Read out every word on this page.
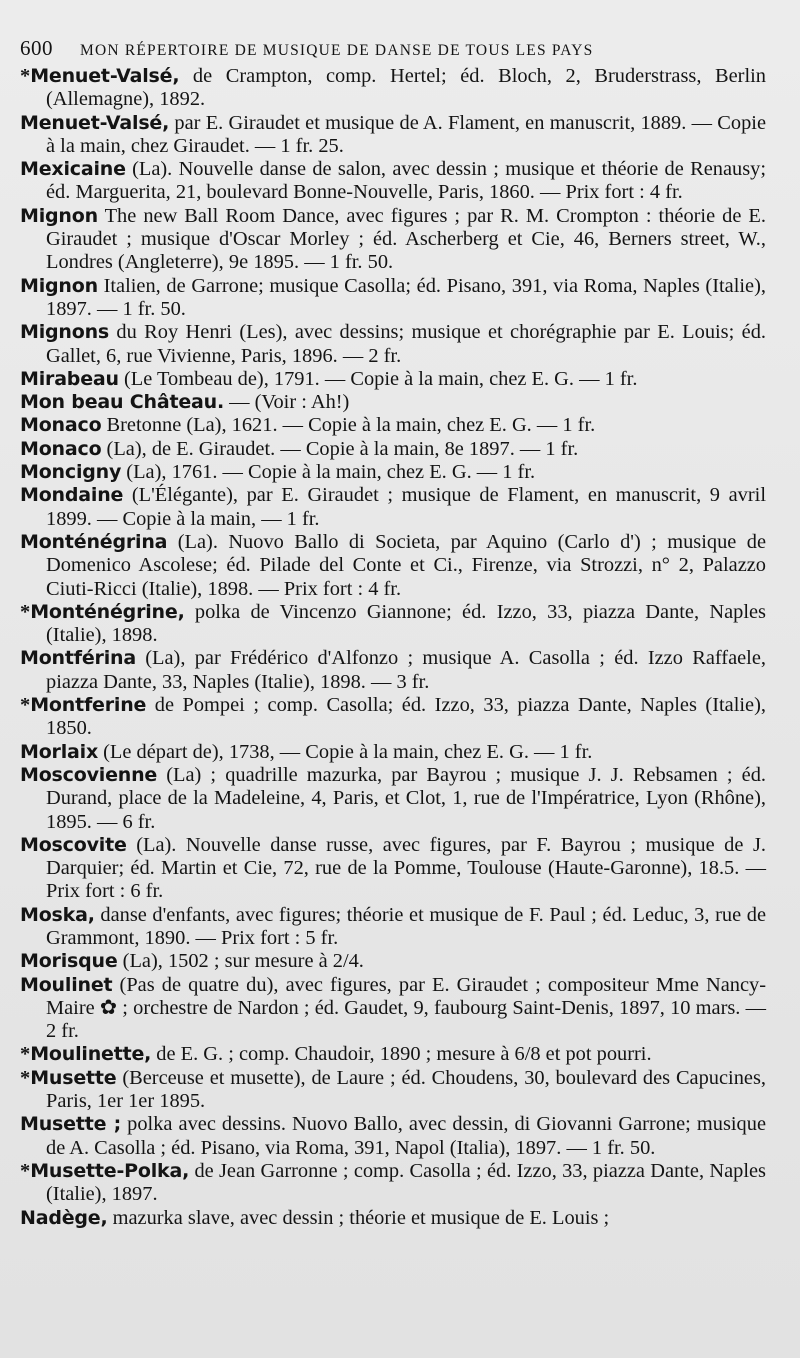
600	MON RÉPERTOIRE DE MUSIQUE DE DANSE DE TOUS LES PAYS

*Menuet-Valsé, de Crampton, comp. Hertel; éd. Bloch, 2, Bruderstrass, Berlin (Allemagne), 1892.

Menuet-Valsé, par E. Giraudet et musique de A. Flament, en manuscrit, 1889. — Copie à la main, chez Giraudet. — 1 fr. 25.

Mexicaine (La). Nouvelle danse de salon, avec dessin ; musique et théorie de Renausy; éd. Marguerita, 21, boulevard Bonne-Nouvelle, Paris, 1860. — Prix fort : 4 fr.

Mignon The new Ball Room Dance, avec figures ; par R. M. Crompton : théorie de E. Giraudet ; musique d'Oscar Morley ; éd. Ascherberg et Cie, 46, Berners street, W., Londres (Angleterre), 9e 1895. — 1 fr. 50.

Mignon Italien, de Garrone; musique Casolla; éd. Pisano, 391, via Roma, Naples (Italie), 1897. — 1 fr. 50.

Mignons du Roy Henri (Les), avec dessins; musique et chorégraphie par E. Louis; éd. Gallet, 6, rue Vivienne, Paris, 1896. — 2 fr.

Mirabeau (Le Tombeau de), 1791. — Copie à la main, chez E. G. — 1 fr.

Mon beau Château. — (Voir : Ah!)

Monaco Bretonne (La), 1621. — Copie à la main, chez E. G. — 1 fr.

Monaco (La), de E. Giraudet. — Copie à la main, 8e 1897. — 1 fr.

Moncigny (La), 1761. — Copie à la main, chez E. G. — 1 fr.

Mondaine (L'Élégante), par E. Giraudet ; musique de Flament, en manuscrit, 9 avril 1899. — Copie à la main, — 1 fr.

Monténégrina (La). Nuovo Ballo di Societa, par Aquino (Carlo d') ; musique de Domenico Ascolese; éd. Pilade del Conte et Ci., Firenze, via Strozzi, n° 2, Palazzo Ciuti-Ricci (Italie), 1898. — Prix fort : 4 fr.

*Monténégrine, polka de Vincenzo Giannone; éd. Izzo, 33, piazza Dante, Naples (Italie), 1898.

Montférina (La), par Frédérico d'Alfonzo ; musique A. Casolla ; éd. Izzo Raffaele, piazza Dante, 33, Naples (Italie), 1898. — 3 fr.

*Montferine de Pompei ; comp. Casolla; éd. Izzo, 33, piazza Dante, Naples (Italie), 1850.

Morlaix (Le départ de), 1738, — Copie à la main, chez E. G. — 1 fr.

Moscovienne (La) ; quadrille mazurka, par Bayrou ; musique J. J. Rebsamen ; éd. Durand, place de la Madeleine, 4, Paris, et Clot, 1, rue de l'Impératrice, Lyon (Rhône), 1895. — 6 fr.

Moscovite (La). Nouvelle danse russe, avec figures, par F. Bayrou ; musique de J. Darquier; éd. Martin et Cie, 72, rue de la Pomme, Toulouse (Haute-Garonne), 18.5. — Prix fort : 6 fr.

Moska, danse d'enfants, avec figures; théorie et musique de F. Paul ; éd. Leduc, 3, rue de Grammont, 1890. — Prix fort : 5 fr.

Morisque (La), 1502 ; sur mesure à 2/4.

Moulinet (Pas de quatre du), avec figures, par E. Giraudet ; compositeur Mme Nancy-Maire ✿ ; orchestre de Nardon ; éd. Gaudet, 9, faubourg Saint-Denis, 1897, 10 mars. — 2 fr.

*Moulinette, de E. G. ; comp. Chaudoir, 1890 ; mesure à 6/8 et pot pourri.

*Musette (Berceuse et musette), de Laure ; éd. Choudens, 30, boulevard des Capucines, Paris, 1er 1er 1895.

Musette ; polka avec dessins. Nuovo Ballo, avec dessin, di Giovanni Garrone; musique de A. Casolla ; éd. Pisano, via Roma, 391, Napol (Italia), 1897. — 1 fr. 50.

*Musette-Polka, de Jean Garronne ; comp. Casolla ; éd. Izzo, 33, piazza Dante, Naples (Italie), 1897.

Nadège, mazurka slave, avec dessin ; théorie et musique de E. Louis ;
